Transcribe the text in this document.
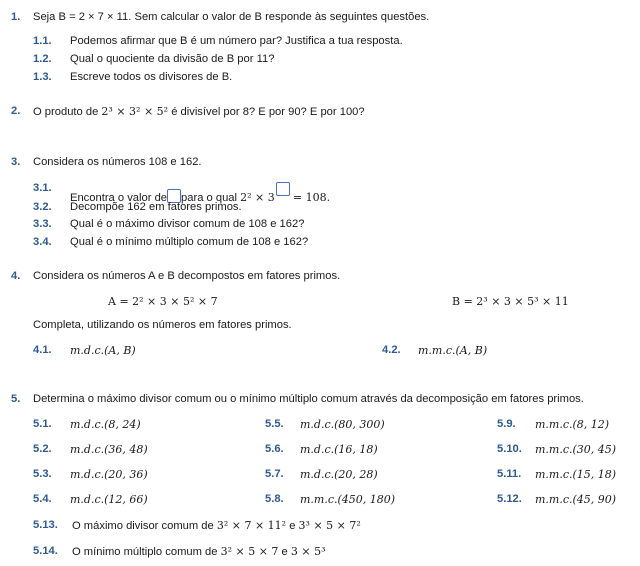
1. Seja B = 2 × 7 × 11. Sem calcular o valor de B responde às seguintes questões.
1.1. Podemos afirmar que B é um número par? Justifica a tua resposta.
1.2. Qual o quociente da divisão de B por 11?
1.3. Escreve todos os divisores de B.
2. O produto de 2³ × 3² × 5² é divisível por 8? E por 90? E por 100?
3. Considera os números 108 e 162.
3.1.
Encontra o valor de para o qual 2² × 3 = 108.
3.2. Decompõe 162 em fatores primos.
3.3. Qual é o máximo divisor comum de 108 e 162?
3.4. Qual é o mínimo múltiplo comum de 108 e 162?
4. Considera os números A e B decompostos em fatores primos.
A = 2² × 3 × 5² × 7	B = 2³ × 3 × 5³ × 11
Completa, utilizando os números em fatores primos.
4.1. m.d.c.(A, B)	4.2. m.m.c.(A, B)
5. Determina o máximo divisor comum ou o mínimo múltiplo comum através da decomposição em fatores primos.
5.1. m.d.c.(8, 24)	5.5. m.d.c.(80, 300)	5.9. m.m.c.(8, 12)
5.2. m.d.c.(36, 48)	5.6. m.d.c.(16, 18)	5.10. m.m.c.(30, 45)
5.3. m.d.c.(20, 36)	5.7. m.d.c.(20, 28)	5.11. m.m.c.(15, 18)
5.4. m.d.c.(12, 66)	5.8. m.m.c.(450, 180)	5.12. m.m.c.(45, 90)
5.13. O máximo divisor comum de 3² × 7 × 11² e 3³ × 5 × 7²
5.14. O mínimo múltiplo comum de 3² × 5 × 7 e 3 × 5³
